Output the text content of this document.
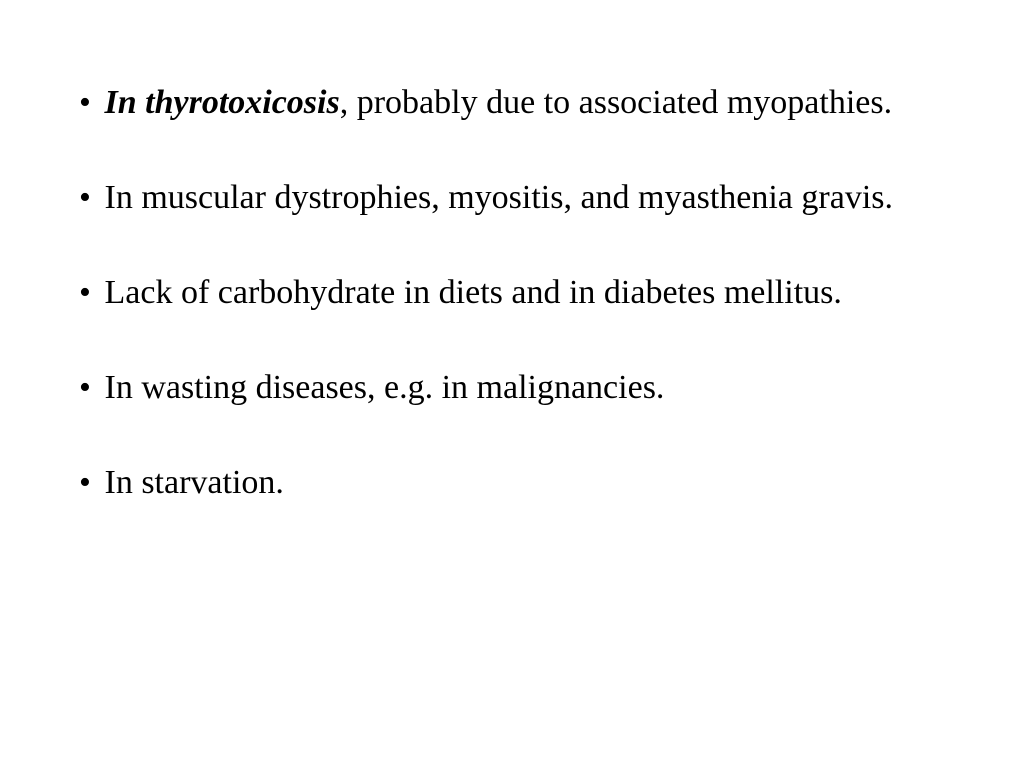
• In thyrotoxicosis, probably due to associated myopathies.
• In muscular dystrophies, myositis, and myasthenia gravis.
• Lack of carbohydrate in diets and in diabetes mellitus.
• In wasting diseases, e.g. in malignancies.
• In starvation.
